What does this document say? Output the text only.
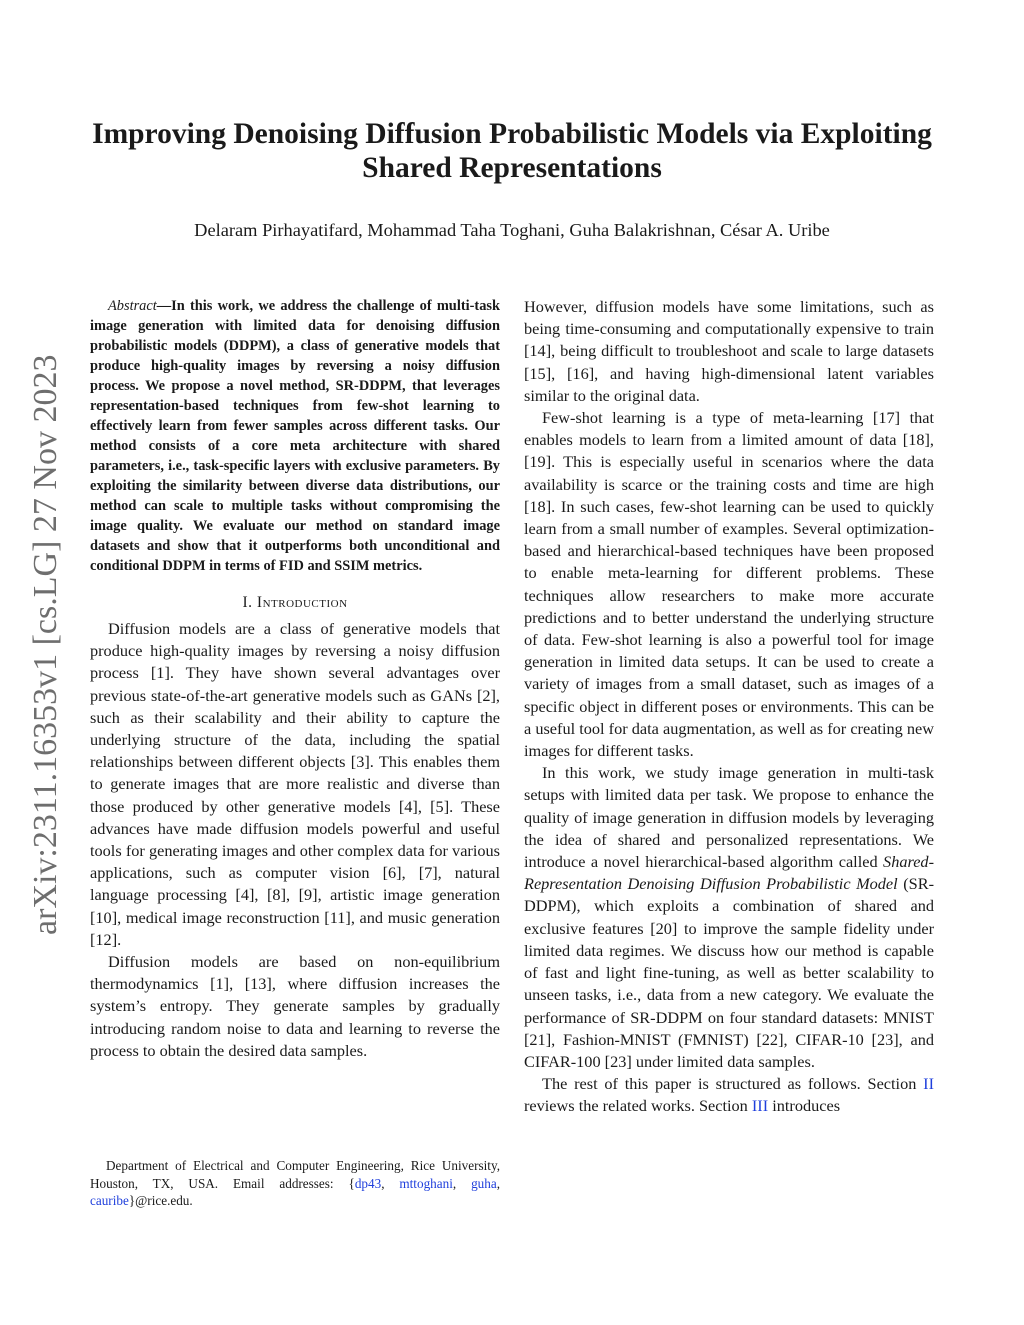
arXiv:2311.16353v1 [cs.LG] 27 Nov 2023
Improving Denoising Diffusion Probabilistic Models via Exploiting
Shared Representations
Delaram Pirhayatifard, Mohammad Taha Toghani, Guha Balakrishnan, César A. Uribe

Abstract—In this work, we address the challenge of multi-task image generation with limited data for denoising diffusion probabilistic models (DDPM), a class of generative models that produce high-quality images by reversing a noisy diffusion process. We propose a novel method, SR-DDPM, that leverages representation-based techniques from few-shot learning to effectively learn from fewer samples across different tasks. Our method consists of a core meta architecture with shared parameters, i.e., task-specific layers with exclusive parameters. By exploiting the similarity between diverse data distributions, our method can scale to multiple tasks without compromising the image quality. We evaluate our method on standard image datasets and show that it outperforms both unconditional and conditional DDPM in terms of FID and SSIM metrics.

I. Introduction

Diffusion models are a class of generative models that produce high-quality images by reversing a noisy diffusion process [1]. They have shown several advantages over previous state-of-the-art generative models such as GANs [2], such as their scalability and their ability to capture the underlying structure of the data, including the spatial relationships between different objects [3]. This enables them to generate images that are more realistic and diverse than those produced by other generative models [4], [5]. These advances have made diffusion models powerful and useful tools for generating images and other complex data for various applications, such as computer vision [6], [7], natural language processing [4], [8], [9], artistic image generation [10], medical image reconstruction [11], and music generation [12].

Diffusion models are based on non-equilibrium thermodynamics [1], [13], where diffusion increases the system’s entropy. They generate samples by gradually introducing random noise to data and learning to reverse the process to obtain the desired data samples.

However, diffusion models have some limitations, such as being time-consuming and computationally expensive to train [14], being difficult to troubleshoot and scale to large datasets [15], [16], and having high-dimensional latent variables similar to the original data.

Few-shot learning is a type of meta-learning [17] that enables models to learn from a limited amount of data [18], [19]. This is especially useful in scenarios where the data availability is scarce or the training costs and time are high [18]. In such cases, few-shot learning can be used to quickly learn from a small number of examples. Several optimization-based and hierarchical-based techniques have been proposed to enable meta-learning for different problems. These techniques allow researchers to make more accurate predictions and to better understand the underlying structure of data. Few-shot learning is also a powerful tool for image generation in limited data setups. It can be used to create a variety of images from a small dataset, such as images of a specific object in different poses or environments. This can be a useful tool for data augmentation, as well as for creating new images for different tasks.

In this work, we study image generation in multi-task setups with limited data per task. We propose to enhance the quality of image generation in diffusion models by leveraging the idea of shared and personalized representations. We introduce a novel hierarchical-based algorithm called Shared-Representation Denoising Diffusion Probabilistic Model (SR-DDPM), which exploits a combination of shared and exclusive features [20] to improve the sample fidelity under limited data regimes. We discuss how our method is capable of fast and light fine-tuning, as well as better scalability to unseen tasks, i.e., data from a new category. We evaluate the performance of SR-DDPM on four standard datasets: MNIST [21], Fashion-MNIST (FMNIST) [22], CIFAR-10 [23], and CIFAR-100 [23] under limited data samples.

The rest of this paper is structured as follows. Section II reviews the related works. Section III introduces

Department of Electrical and Computer Engineering, Rice University, Houston, TX, USA. Email addresses: {dp43, mttoghani, guha, cauribe}@rice.edu.
